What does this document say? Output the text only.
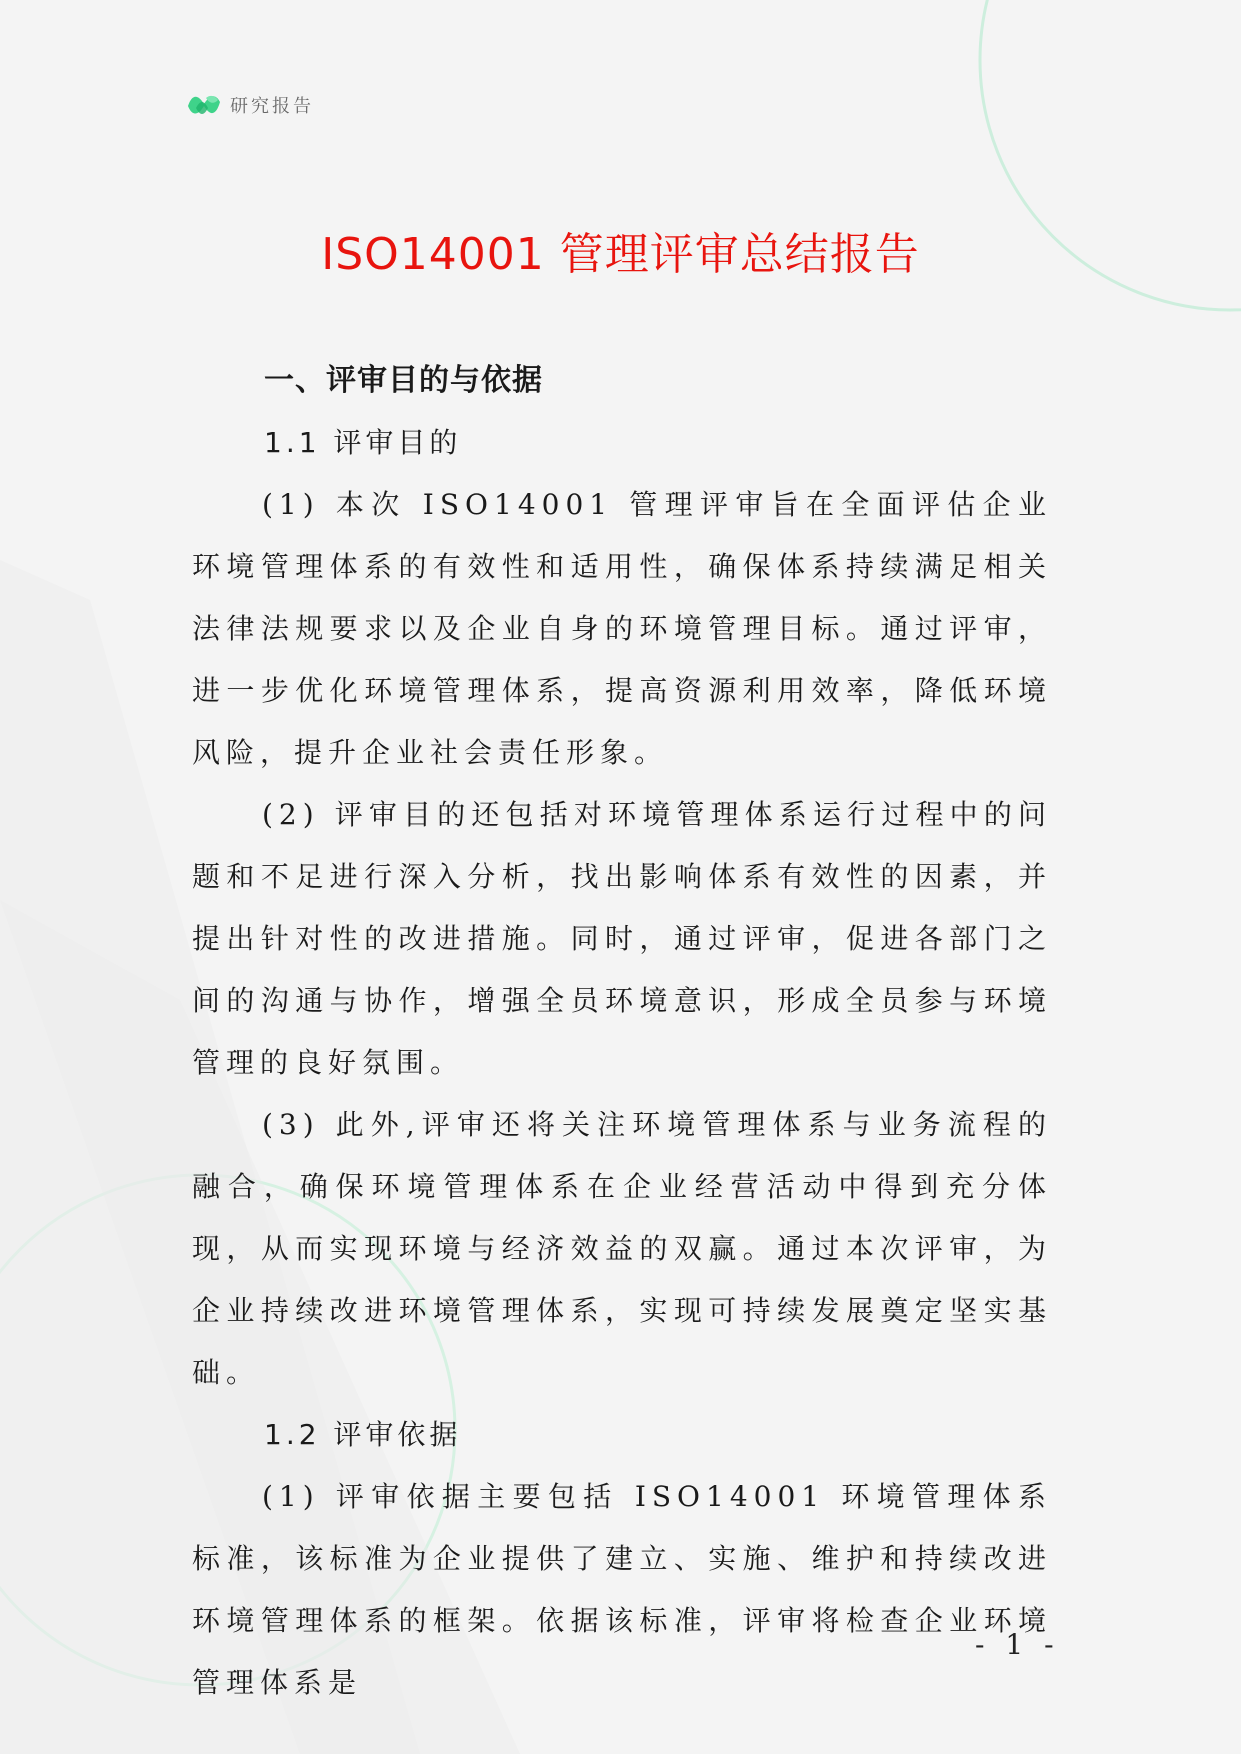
研究报告
ISO14001 管理评审总结报告
一、评审目的与依据
1.1 评审目的

(1) 本次 ISO14001 管理评审旨在全面评估企业环境管理体系的有效性和适用性，确保体系持续满足相关法律法规要求以及企业自身的环境管理目标。通过评审，进一步优化环境管理体系，提高资源利用效率，降低环境风险，提升企业社会责任形象。

(2) 评审目的还包括对环境管理体系运行过程中的问题和不足进行深入分析，找出影响体系有效性的因素，并提出针对性的改进措施。同时，通过评审，促进各部门之间的沟通与协作，增强全员环境意识，形成全员参与环境管理的良好氛围。

(3) 此外,评审还将关注环境管理体系与业务流程的融合，确保环境管理体系在企业经营活动中得到充分体现，从而实现环境与经济效益的双赢。通过本次评审，为企业持续改进环境管理体系，实现可持续发展奠定坚实基础。

1.2 评审依据

(1) 评审依据主要包括 ISO14001 环境管理体系标准，该标准为企业提供了建立、实施、维护和持续改进环境管理体系的框架。依据该标准，评审将检查企业环境管理体系是

- 1 -
